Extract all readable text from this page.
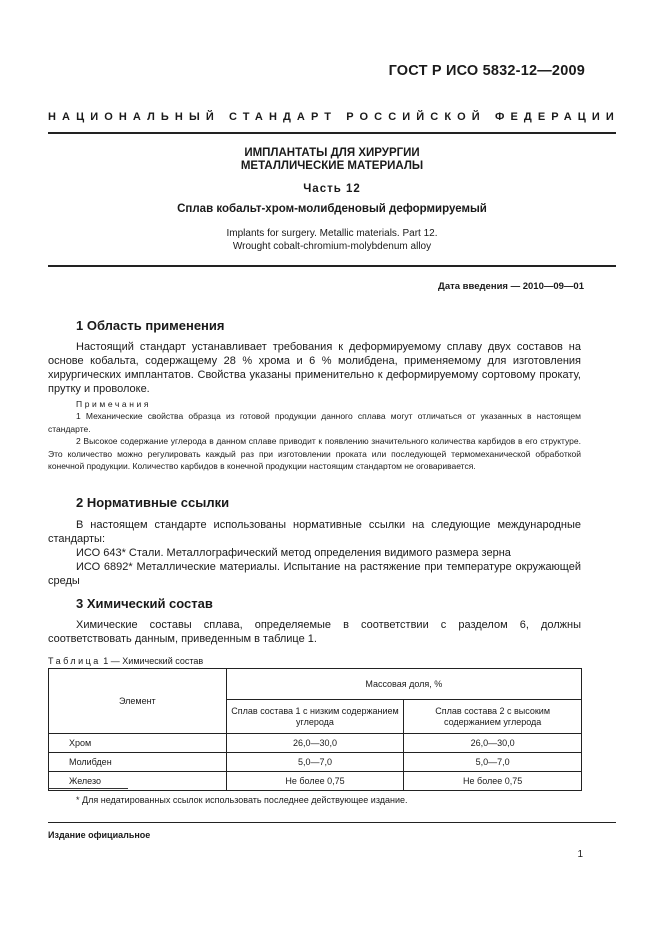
ГОСТ Р ИСО 5832-12—2009
НАЦИОНАЛЬНЫЙ СТАНДАРТ РОССИЙСКОЙ ФЕДЕРАЦИИ
ИМПЛАНТАТЫ ДЛЯ ХИРУРГИИ
МЕТАЛЛИЧЕСКИЕ МАТЕРИАЛЫ
Часть 12
Сплав кобальт-хром-молибденовый деформируемый
Implants for surgery. Metallic materials. Part 12.
Wrought cobalt-chromium-molybdenum alloy
Дата введения — 2010—09—01
1 Область применения
Настоящий стандарт устанавливает требования к деформируемому сплаву двух составов на основе кобальта, содержащему 28 % хрома и 6 % молибдена, применяемому для изготовления хирургических имплантатов. Свойства указаны применительно к деформируемому сортовому прокату, прутку и проволоке.
Примечания
1 Механические свойства образца из готовой продукции данного сплава могут отличаться от указанных в настоящем стандарте.
2 Высокое содержание углерода в данном сплаве приводит к появлению значительного количества карбидов в его структуре. Это количество можно регулировать каждый раз при изготовлении проката или последующей термомеханической обработкой конечной продукции. Количество карбидов в конечной продукции настоящим стандартом не оговаривается.
2 Нормативные ссылки
В настоящем стандарте использованы нормативные ссылки на следующие международные стандарты:
ИСО 643* Стали. Металлографический метод определения видимого размера зерна
ИСО 6892* Металлические материалы. Испытание на растяжение при температуре окружающей среды
3 Химический состав
Химические составы сплава, определяемые в соответствии с разделом 6, должны соответствовать данным, приведенным в таблице 1.
Таблица 1 — Химический состав
Элемент	Массовая доля, %	
	Сплав состава 1 с низким содержанием углерода	Сплав состава 2 с высоким содержанием углерода
Хром	26,0—30,0	26,0—30,0
Молибден	5,0—7,0	5,0—7,0
Железо	Не более 0,75	Не более 0,75
* Для недатированных ссылок использовать последнее действующее издание.
Издание официальное
1
